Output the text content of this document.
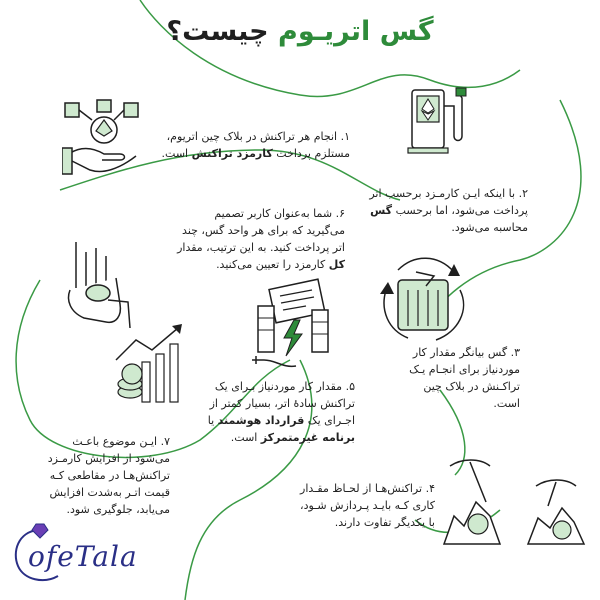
گس اتریـوم چیست؟
۱. انجام هر تراکنش در بلاک چین اتریوم، مستلزم پرداخت کارمزد تراکنش است.
۲. با اینکه ایـن کارمـزد برحسب اتر پرداخت می‌شود، اما برحسب گس محاسبه می‌شود.
۶. شما به‌عنوان کاربر تصمیم می‌گیرید که برای هر واحد گس، چند اتر پرداخت کنید. به این ترتیب، مقدار کل کارمزد را تعیین می‌کنید.
۳. گس بیانگر مقدار کار موردنیاز برای انجـام یـک تراکـنش در بلاک چین است.
۵. مقدار کار موردنیاز بـرای یک تراکنش سادۀ اتر، بسیار کمتر از اجـرای یک قرارداد هوشمند یا برنامه غیرمتمرکز است.
۷. ایـن موضوع باعـث می‌شود از افزایش کارمـزد تراکنش‌هـا در مقاطعی کـه قیمت اتـر به‌شدت افزایش می‌یابد، جلوگیری شود.
۴. تراکنش‌هـا از لحـاظ مقـدار کاری کـه بایـد پـردازش شـود، با یکدیگر تفاوت دارند.
ofeTala
